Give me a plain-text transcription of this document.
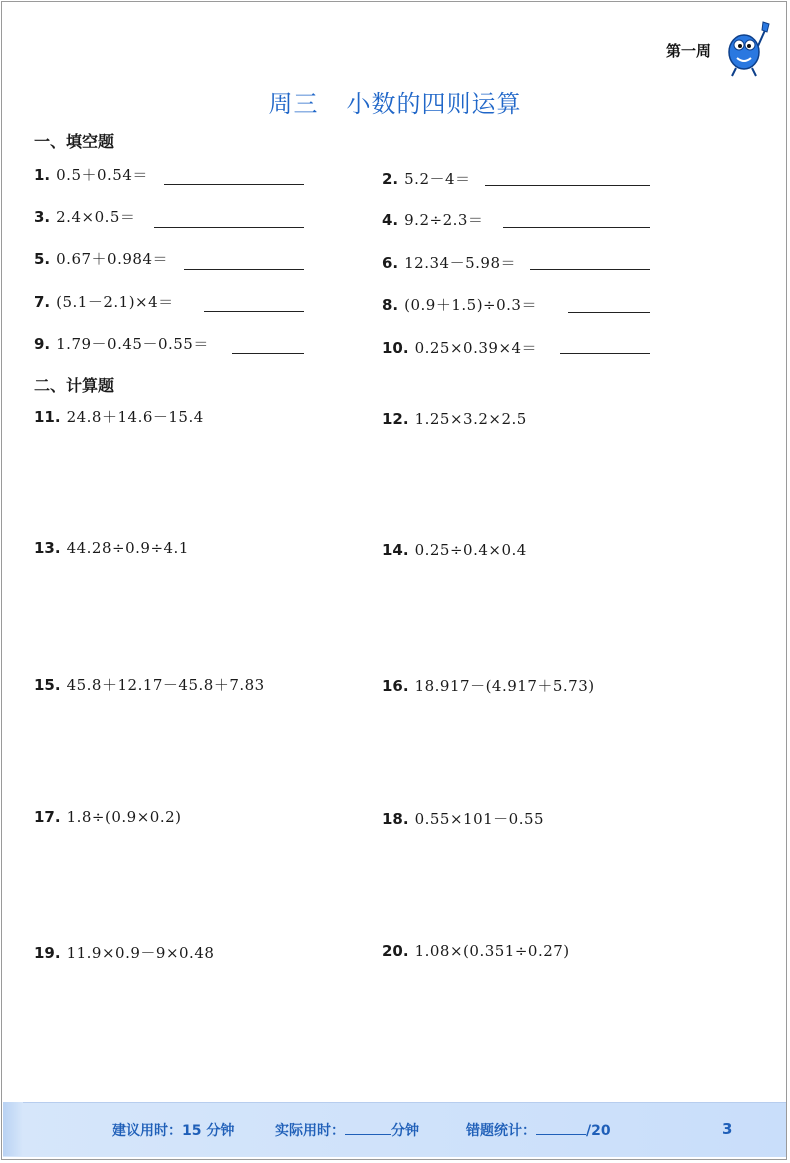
第一周
周三 小数的四则运算
一、填空题
1. 0.5＋0.54＝	2. 5.2－4＝
3. 2.4×0.5＝	4. 9.2÷2.3＝
5. 0.67＋0.984＝	6. 12.34－5.98＝
7. (5.1－2.1)×4＝	8. (0.9＋1.5)÷0.3＝
9. 1.79－0.45－0.55＝	10. 0.25×0.39×4＝
二、计算题
11. 24.8＋14.6－15.4	12. 1.25×3.2×2.5
13. 44.28÷0.9÷4.1	14. 0.25÷0.4×0.4
15. 45.8＋12.17－45.8＋7.83	16. 18.917－(4.917＋5.73)
17. 1.8÷(0.9×0.2)	18. 0.55×101－0.55
19. 11.9×0.9－9×0.48	20. 1.08×(0.351÷0.27)
建议用时：15 分钟	实际用时：	分钟	错题统计：	/20	3
